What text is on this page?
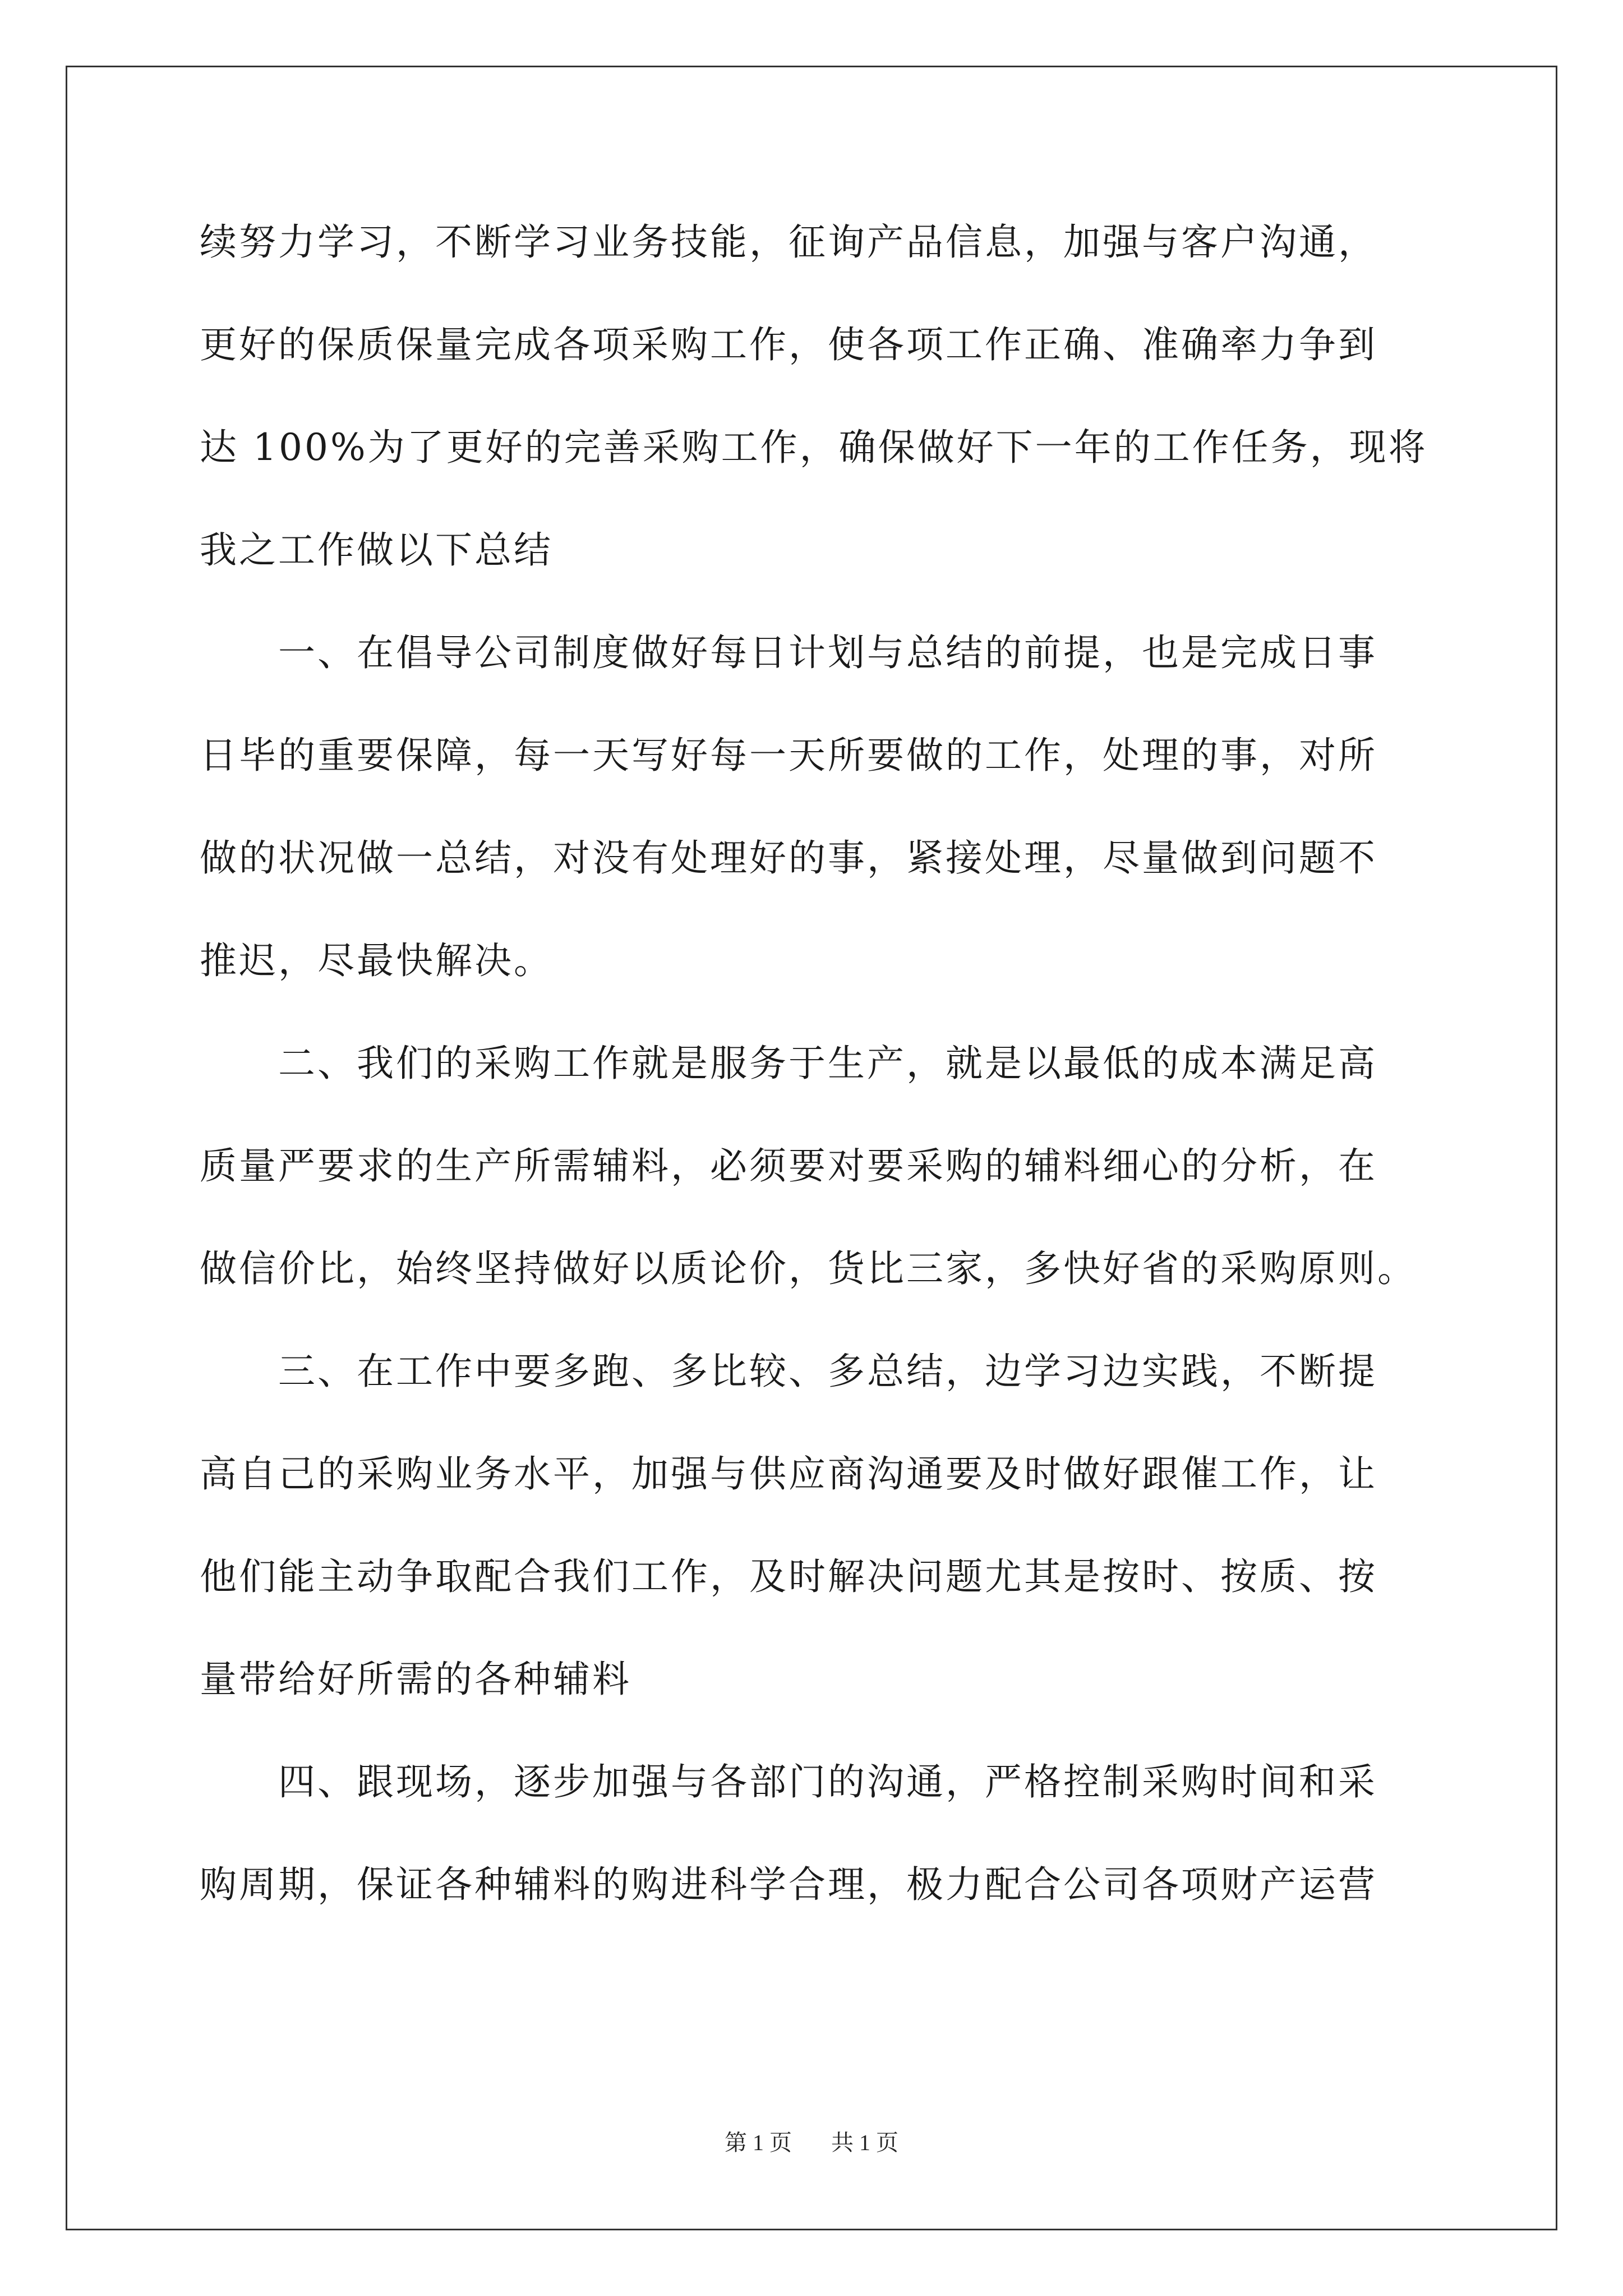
续努力学习，不断学习业务技能，征询产品信息，加强与客户沟通，
更好的保质保量完成各项采购工作，使各项工作正确、准确率力争到
达 100%为了更好的完善采购工作，确保做好下一年的工作任务，现将
我之工作做以下总结
　　一、在倡导公司制度做好每日计划与总结的前提，也是完成日事
日毕的重要保障，每一天写好每一天所要做的工作，处理的事，对所
做的状况做一总结，对没有处理好的事，紧接处理，尽量做到问题不
推迟，尽最快解决。
　　二、我们的采购工作就是服务于生产，就是以最低的成本满足高
质量严要求的生产所需辅料，必须要对要采购的辅料细心的分析，在
做信价比，始终坚持做好以质论价，货比三家，多快好省的采购原则。
　　三、在工作中要多跑、多比较、多总结，边学习边实践，不断提
高自己的采购业务水平，加强与供应商沟通要及时做好跟催工作，让
他们能主动争取配合我们工作，及时解决问题尤其是按时、按质、按
量带给好所需的各种辅料
　　四、跟现场，逐步加强与各部门的沟通，严格控制采购时间和采
购周期，保证各种辅料的购进科学合理，极力配合公司各项财产运营
第 1 页 共 1 页
